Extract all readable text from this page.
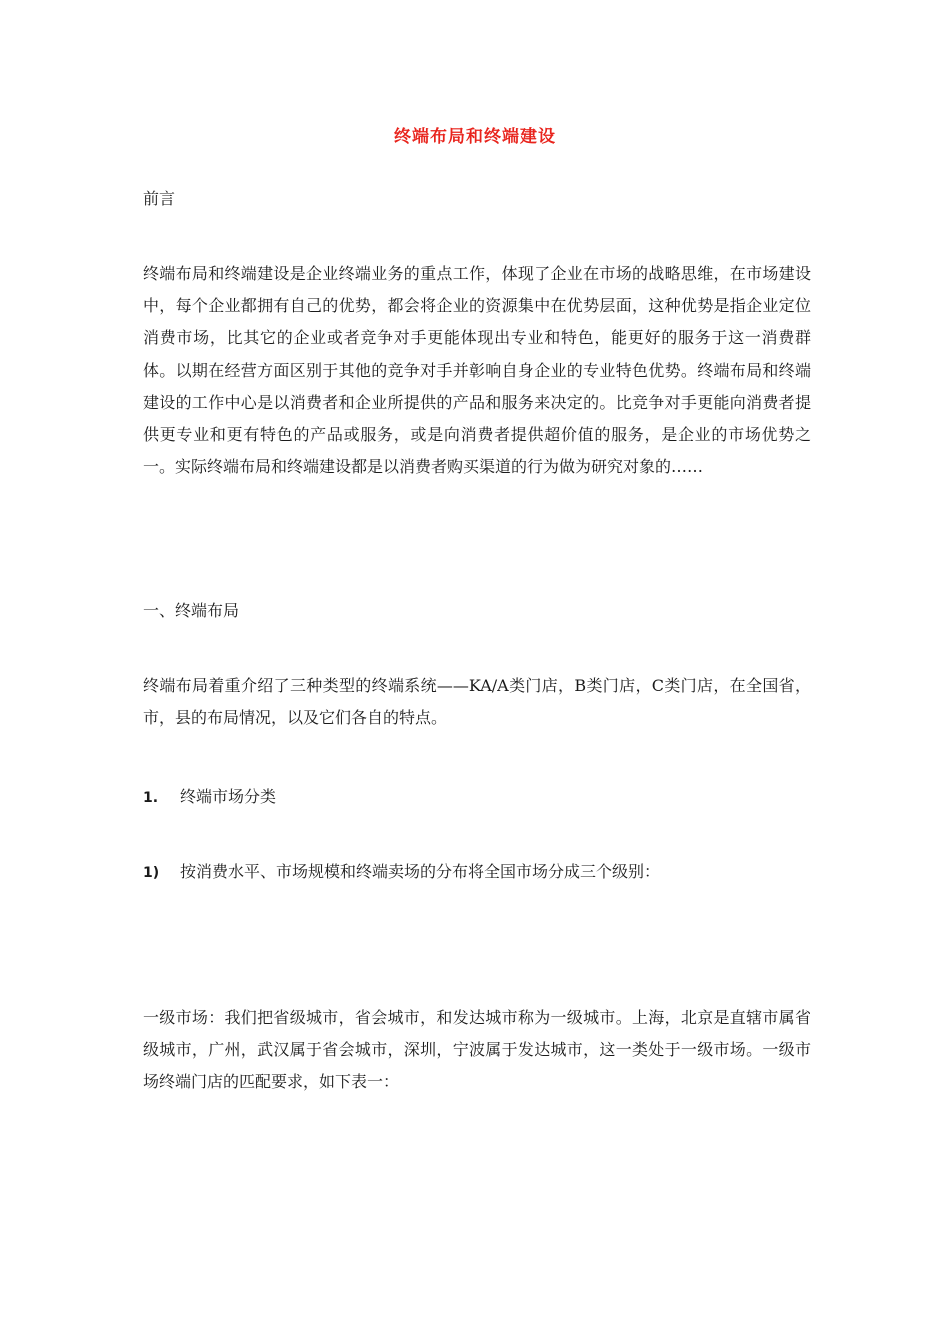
终端布局和终端建设

前言

终端布局和终端建设是企业终端业务的重点工作，体现了企业在市场的战略思维，在市场建设中，每个企业都拥有自己的优势，都会将企业的资源集中在优势层面，这种优势是指企业定位消费市场，比其它的企业或者竞争对手更能体现出专业和特色，能更好的服务于这一消费群体。以期在经营方面区别于其他的竞争对手并彰响自身企业的专业特色优势。终端布局和终端建设的工作中心是以消费者和企业所提供的产品和服务来决定的。比竞争对手更能向消费者提供更专业和更有特色的产品或服务，或是向消费者提供超价值的服务，是企业的市场优势之一。实际终端布局和终端建设都是以消费者购买渠道的行为做为研究对象的……

一、终端布局

终端布局着重介绍了三种类型的终端系统——KA/A类门店，B类门店，C类门店，在全国省，市，县的布局情况，以及它们各自的特点。

1. 终端市场分类

1) 按消费水平、市场规模和终端卖场的分布将全国市场分成三个级别：

一级市场：我们把省级城市，省会城市，和发达城市称为一级城市。上海，北京是直辖市属省级城市，广州，武汉属于省会城市，深圳，宁波属于发达城市，这一类处于一级市场。一级市场终端门店的匹配要求，如下表一：
